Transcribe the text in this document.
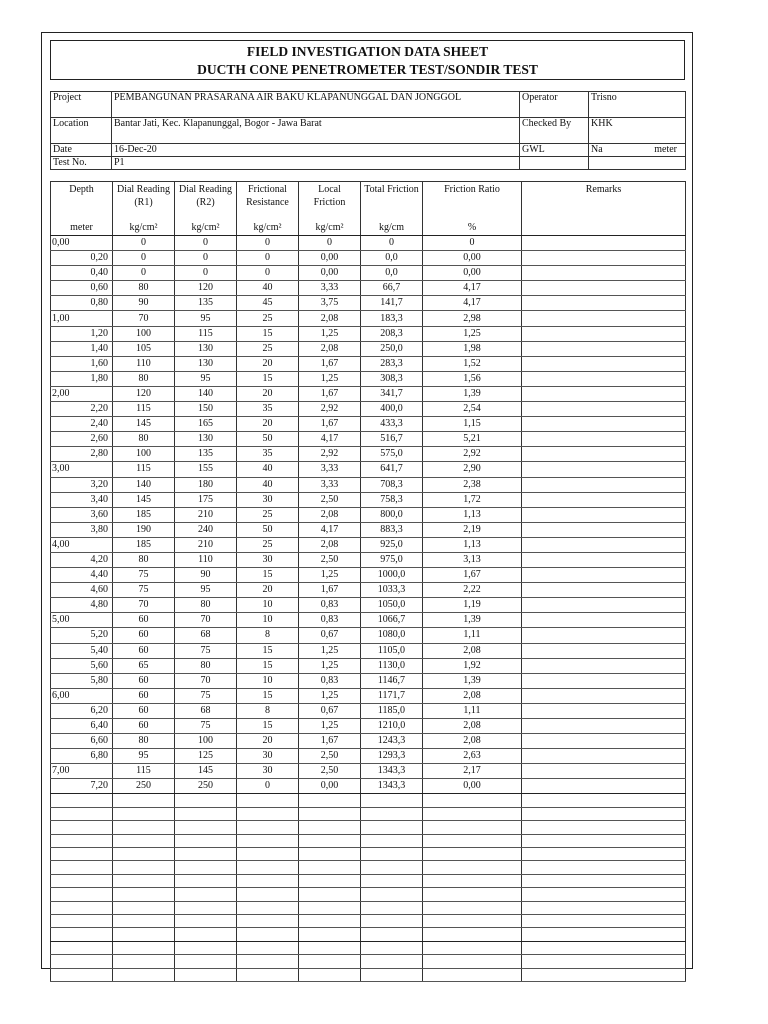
FIELD INVESTIGATION DATA SHEET
DUCTH CONE PENETROMETER TEST/SONDIR TEST
Project	PEMBANGUNAN PRASARANA AIR BAKU KLAPANUNGGAL DAN JONGGOL	Operator	Trisno
Location	Bantar Jati, Kec. Klapanunggal, Bogor - Jawa Barat	Checked By	KHK
Date	16-Dec-20	GWL	Na meter

Test No.	P1		
Depth	Dial Reading (R1)	Dial Reading (R2)	Frictional Resistance	Local Friction	Total Friction	Friction Ratio	Remarks
meter	kg/cm²	kg/cm²	kg/cm²	kg/cm²	kg/cm	%	
0,00	0	0	0	0	0	0	
0,20	0	0	0	0,00	0,0	0,00	
0,40	0	0	0	0,00	0,0	0,00	
0,60	80	120	40	3,33	66,7	4,17	
0,80	90	135	45	3,75	141,7	4,17	
1,00	70	95	25	2,08	183,3	2,98	
1,20	100	115	15	1,25	208,3	1,25	
1,40	105	130	25	2,08	250,0	1,98	
1,60	110	130	20	1,67	283,3	1,52	
1,80	80	95	15	1,25	308,3	1,56	
2,00	120	140	20	1,67	341,7	1,39	
2,20	115	150	35	2,92	400,0	2,54	
2,40	145	165	20	1,67	433,3	1,15	
2,60	80	130	50	4,17	516,7	5,21	
2,80	100	135	35	2,92	575,0	2,92	
3,00	115	155	40	3,33	641,7	2,90	
3,20	140	180	40	3,33	708,3	2,38	
3,40	145	175	30	2,50	758,3	1,72	
3,60	185	210	25	2,08	800,0	1,13	
3,80	190	240	50	4,17	883,3	2,19	
4,00	185	210	25	2,08	925,0	1,13	
4,20	80	110	30	2,50	975,0	3,13	
4,40	75	90	15	1,25	1000,0	1,67	
4,60	75	95	20	1,67	1033,3	2,22	
4,80	70	80	10	0,83	1050,0	1,19	
5,00	60	70	10	0,83	1066,7	1,39	
5,20	60	68	8	0,67	1080,0	1,11	
5,40	60	75	15	1,25	1105,0	2,08	
5,60	65	80	15	1,25	1130,0	1,92	
5,80	60	70	10	0,83	1146,7	1,39	
6,00	60	75	15	1,25	1171,7	2,08	
6,20	60	68	8	0,67	1185,0	1,11	
6,40	60	75	15	1,25	1210,0	2,08	
6,60	80	100	20	1,67	1243,3	2,08	
6,80	95	125	30	2,50	1293,3	2,63	
7,00	115	145	30	2,50	1343,3	2,17	
7,20	250	250	0	0,00	1343,3	0,00	
